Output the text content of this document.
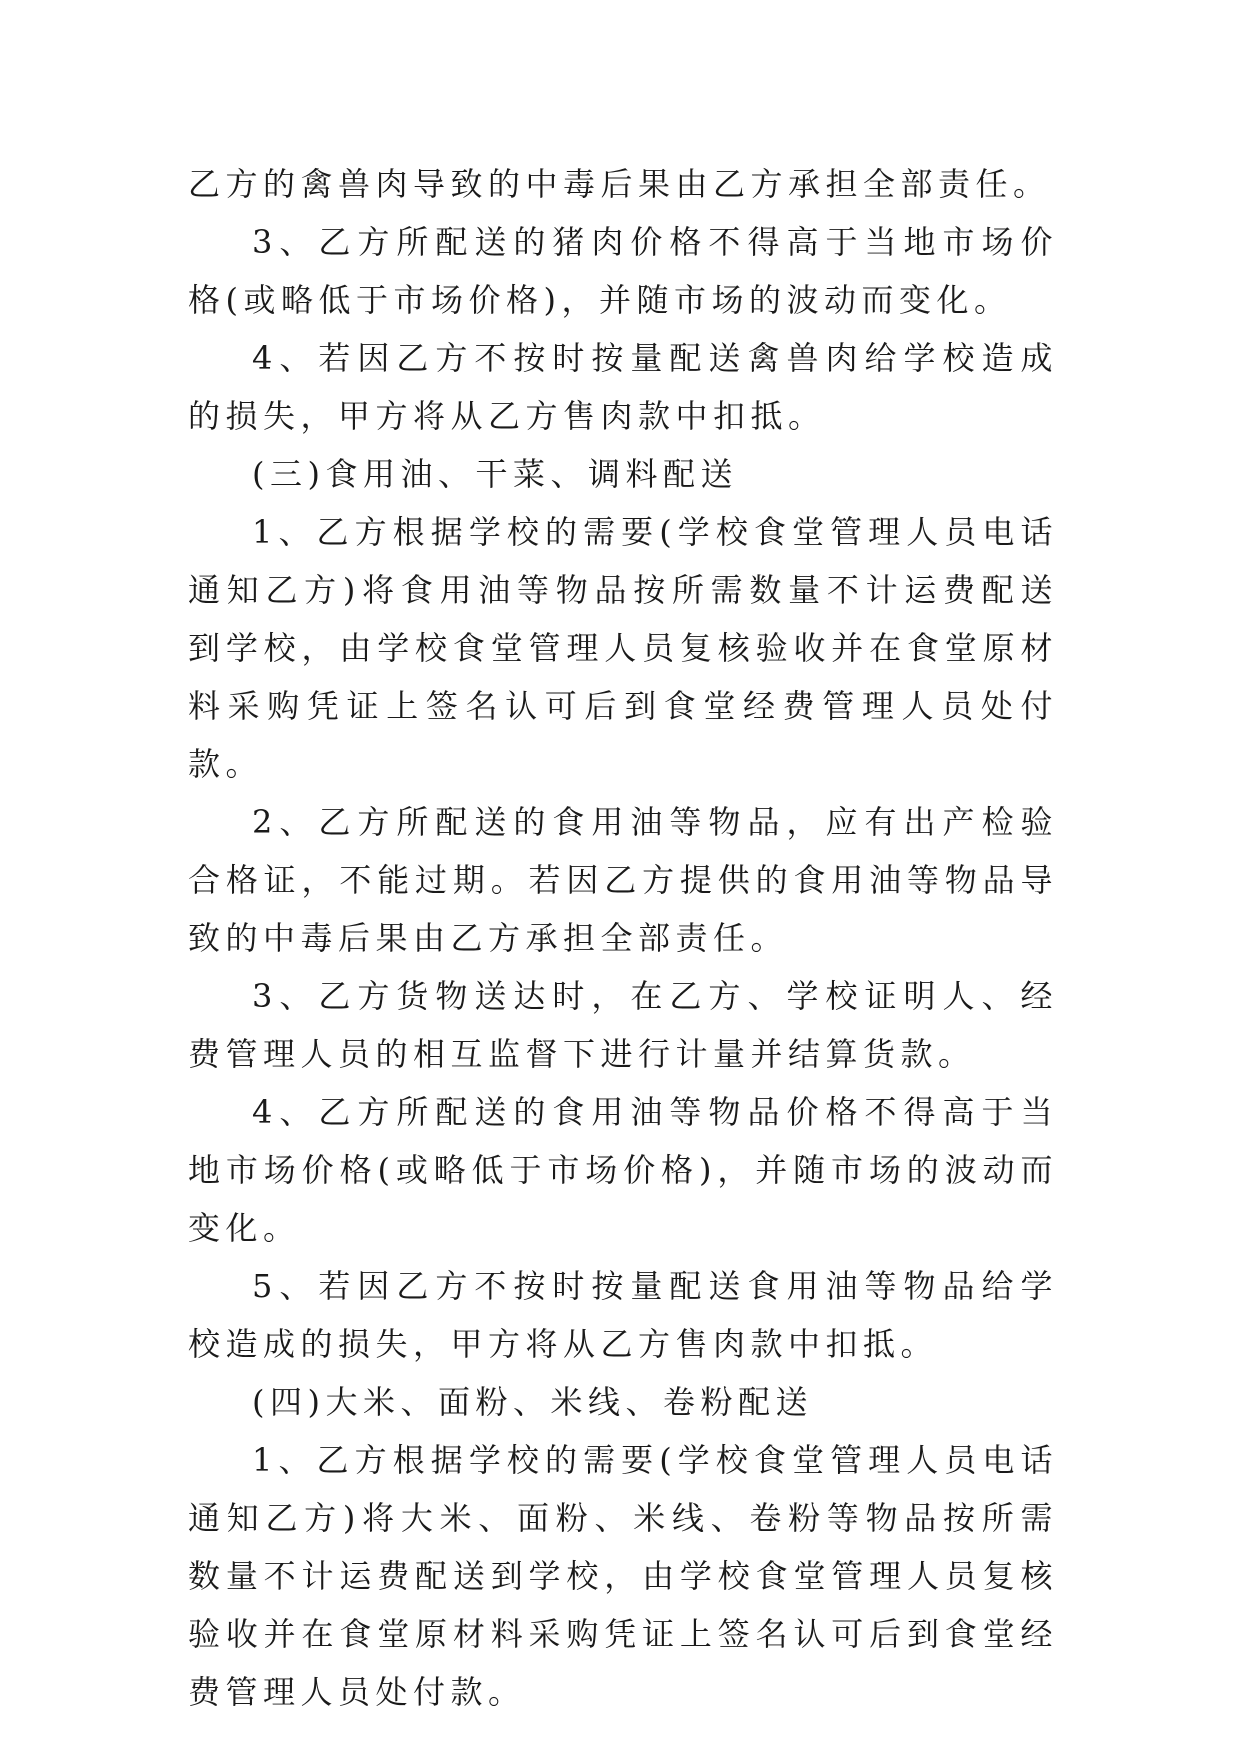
乙方的禽兽肉导致的中毒后果由乙方承担全部责任。

3、乙方所配送的猪肉价格不得高于当地市场价格(或略低于市场价格)，并随市场的波动而变化。

4、若因乙方不按时按量配送禽兽肉给学校造成的损失，甲方将从乙方售肉款中扣抵。

(三)食用油、干菜、调料配送

1、乙方根据学校的需要(学校食堂管理人员电话通知乙方)将食用油等物品按所需数量不计运费配送到学校，由学校食堂管理人员复核验收并在食堂原材料采购凭证上签名认可后到食堂经费管理人员处付款。

2、乙方所配送的食用油等物品，应有出产检验合格证，不能过期。若因乙方提供的食用油等物品导致的中毒后果由乙方承担全部责任。

3、乙方货物送达时，在乙方、学校证明人、经费管理人员的相互监督下进行计量并结算货款。

4、乙方所配送的食用油等物品价格不得高于当地市场价格(或略低于市场价格)，并随市场的波动而变化。

5、若因乙方不按时按量配送食用油等物品给学校造成的损失，甲方将从乙方售肉款中扣抵。

(四)大米、面粉、米线、卷粉配送

1、乙方根据学校的需要(学校食堂管理人员电话通知乙方)将大米、面粉、米线、卷粉等物品按所需数量不计运费配送到学校，由学校食堂管理人员复核验收并在食堂原材料采购凭证上签名认可后到食堂经费管理人员处付款。
